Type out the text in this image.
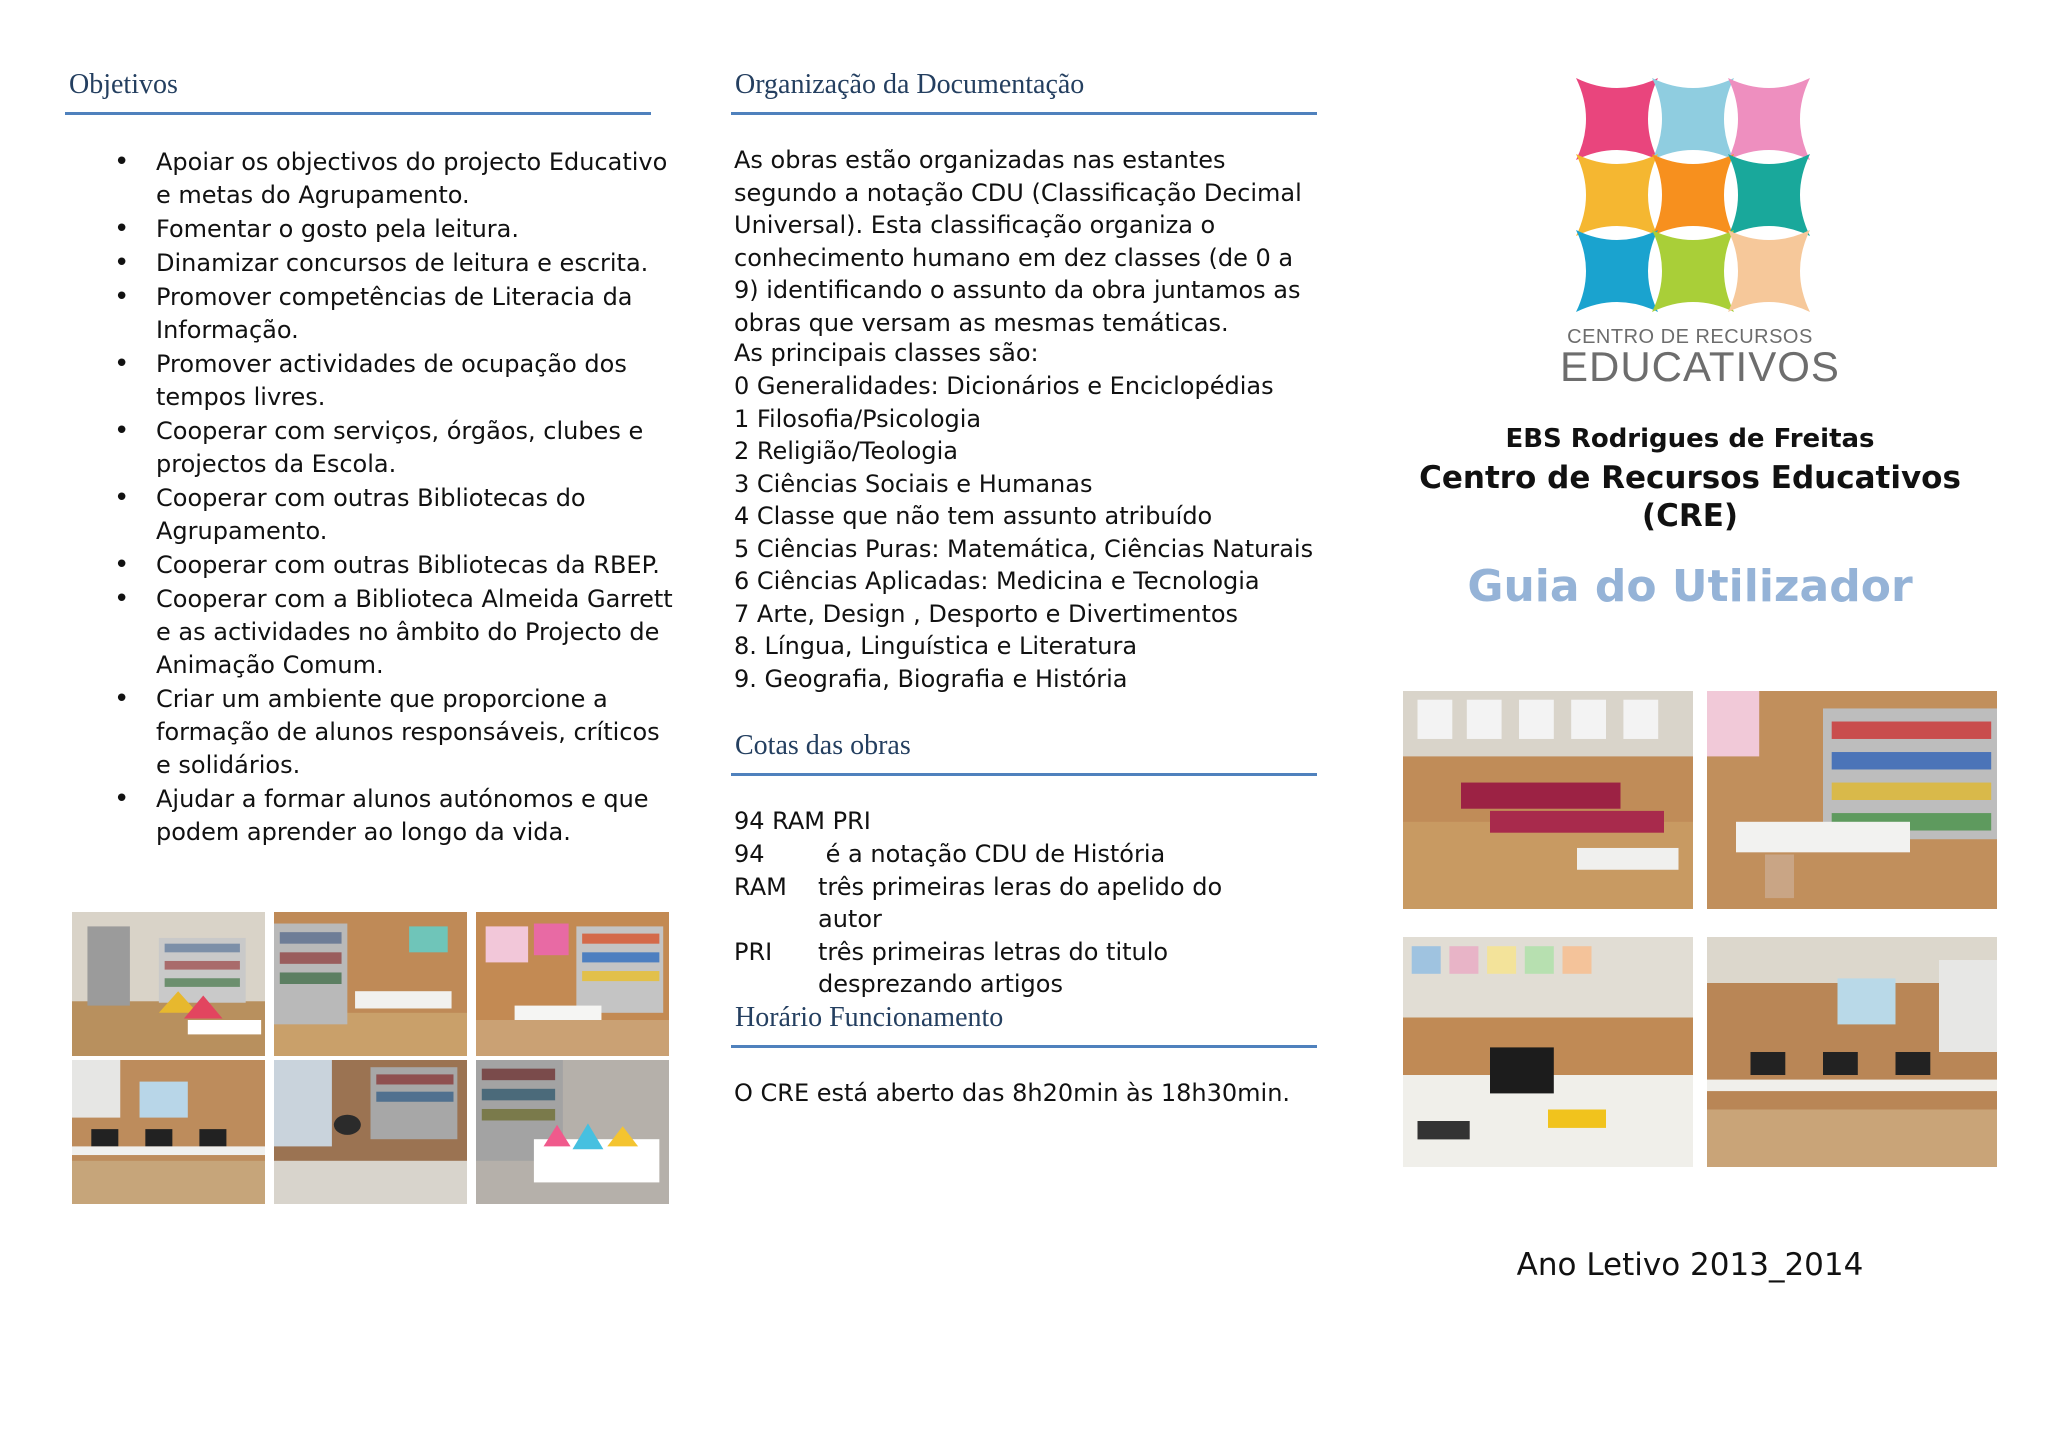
Objetivos
• Apoiar os objectivos do projecto Educativo e metas do Agrupamento.
• Fomentar o gosto pela leitura.
• Dinamizar concursos de leitura e escrita.
• Promover competências de Literacia da Informação.
• Promover actividades de ocupação dos tempos livres.
• Cooperar com serviços, órgãos, clubes e projectos da Escola.
• Cooperar com outras Bibliotecas do Agrupamento.
• Cooperar com outras Bibliotecas da RBEP.
• Cooperar com a Biblioteca Almeida Garrett e as actividades no âmbito do Projecto de Animação Comum.
• Criar um ambiente que proporcione a formação de alunos responsáveis, críticos e solidários.
• Ajudar a formar alunos autónomos e que podem aprender ao longo da vida.
Organização da Documentação
As obras estão organizadas nas estantes segundo a notação CDU (Classificação Decimal Universal). Esta classificação organiza o conhecimento humano em dez classes (de 0 a 9) identificando o assunto da obra juntamos as obras que versam as mesmas temáticas.
As principais classes são:
0 Generalidades: Dicionários e Enciclopédias
1 Filosofia/Psicologia
2 Religião/Teologia
3 Ciências Sociais e Humanas
4 Classe que não tem assunto atribuído
5 Ciências Puras: Matemática, Ciências Naturais
6 Ciências Aplicadas: Medicina e Tecnologia
7 Arte, Design , Desporto e Divertimentos
8. Língua, Linguística e Literatura
9. Geografia, Biografia e História
Cotas das obras
94 RAM PRI
94	é a notação CDU de História
RAM	três primeiras leras do apelido do autor
PRI	três primeiras letras do titulo desprezando artigos
Horário Funcionamento
O CRE está aberto das 8h20min às 18h30min.
CENTRO DE RECURSOS
EDUCATIVOS
EBS Rodrigues de Freitas
Centro de Recursos Educativos (CRE)
Guia do Utilizador
Ano Letivo 2013_2014
